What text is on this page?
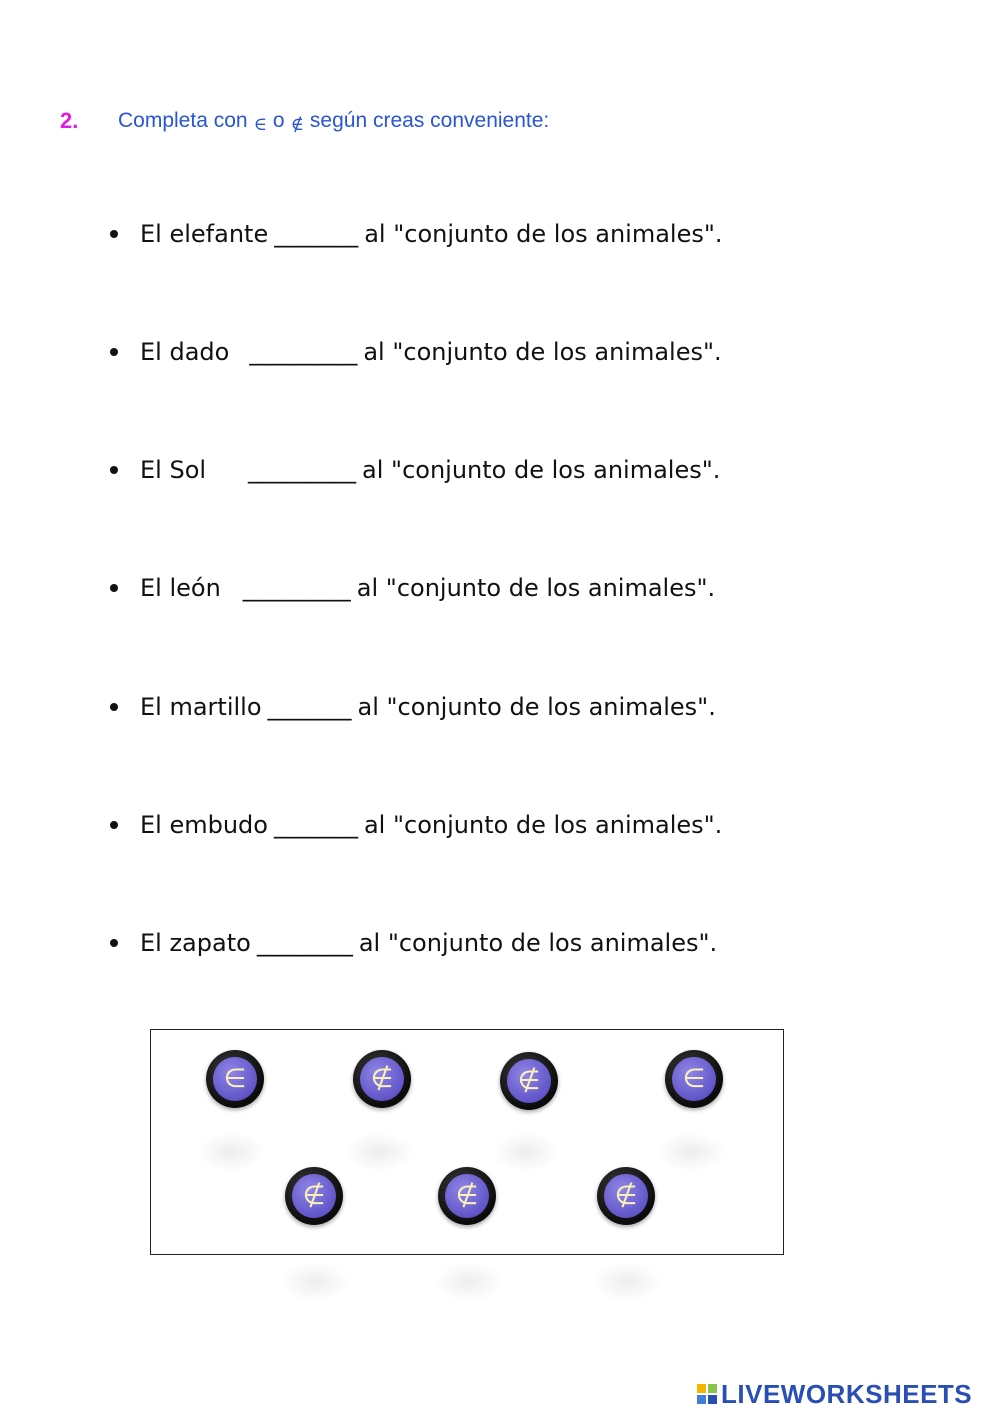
2.	Completa con ∈ o ∉ según creas conveniente:
El elefante _______ al "conjunto de los animales".
El dado _________ al "conjunto de los animales".
El Sol _________ al "conjunto de los animales".
El león _________ al "conjunto de los animales".
El martillo _______ al "conjunto de los animales".
El embudo _______ al "conjunto de los animales".
El zapato ________ al "conjunto de los animales".
∈	∉	∉	∈
∉	∉	∉
LIVEWORKSHEETS
